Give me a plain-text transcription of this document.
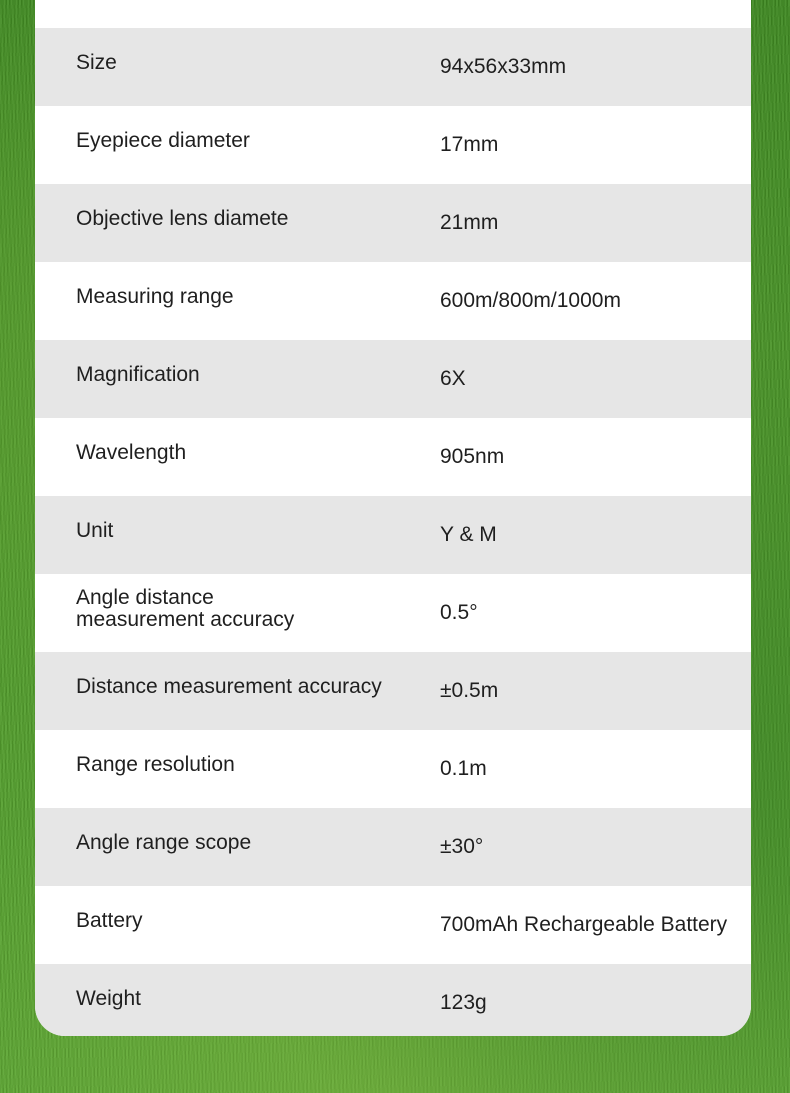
Size	94x56x33mm
Eyepiece diameter	17mm
Objective lens diamete	21mm
Measuring range	600m/800m/1000m
Magnification	6X
Wavelength	905nm
Unit	Y & M
Angle distance
measurement accuracy	0.5°
Distance measurement accuracy	±0.5m
Range resolution	0.1m
Angle range scope	±30°
Battery	700mAh Rechargeable Battery
Weight	123g
